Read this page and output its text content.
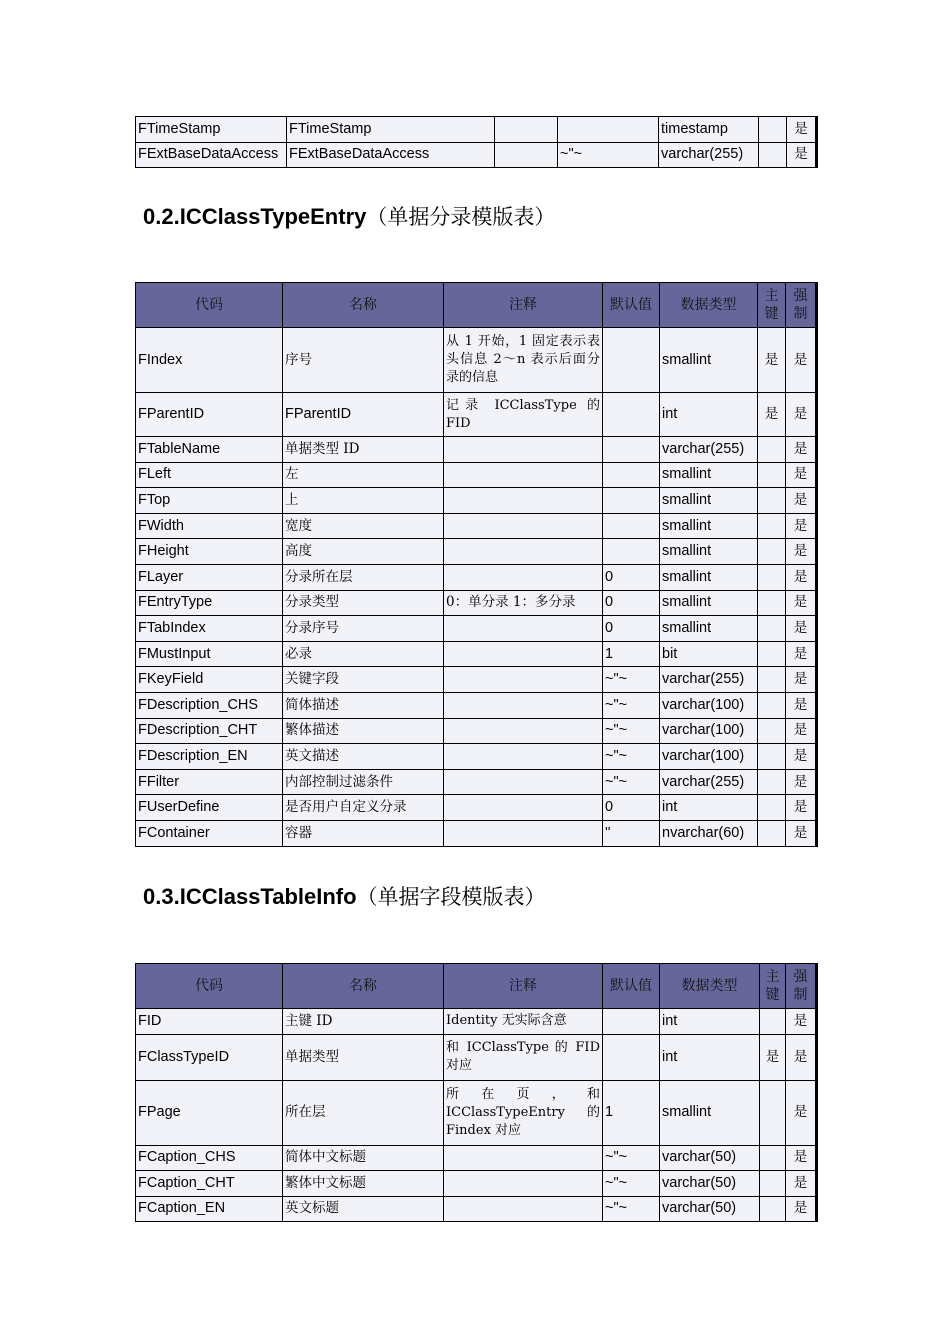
FTimeStamp	FTimeStamp			timestamp		是
FExtBaseDataAccess	FExtBaseDataAccess		~"~	varchar(255)		是
0.2.ICClassTypeEntry（单据分录模版表）
代码	名称	注释	默认值	数据类型	主键	强制
FIndex	序号	从 1 开始，1 固定表示表头信息 2～n 表示后面分录的信息		smallint	是	是
FParentID	FParentID	记录 ICClassType 的 FID		int	是	是
FTableName	单据类型 ID			varchar(255)		是
FLeft	左			smallint		是
FTop	上			smallint		是
FWidth	宽度			smallint		是
FHeight	高度			smallint		是
FLayer	分录所在层		0	smallint		是
FEntryType	分录类型	0：单分录 1：多分录	0	smallint		是
FTabIndex	分录序号		0	smallint		是
FMustInput	必录		1	bit		是
FKeyField	关键字段		~"~	varchar(255)		是
FDescription_CHS	简体描述		~"~	varchar(100)		是
FDescription_CHT	繁体描述		~"~	varchar(100)		是
FDescription_EN	英文描述		~"~	varchar(100)		是
FFilter	内部控制过滤条件		~"~	varchar(255)		是
FUserDefine	是否用户自定义分录		0	int		是
FContainer	容器		''	nvarchar(60)		是
0.3.ICClassTableInfo（单据字段模版表）
代码	名称	注释	默认值	数据类型	主键	强制
FID	主键 ID	Identity 无实际含意		int		是
FClassTypeID	单据类型	和 ICClassType 的 FID 对应		int	是	是
FPage	所在层	所在页，和 ICClassTypeEntry 的 Findex 对应	1	smallint		是
FCaption_CHS	简体中文标题		~"~	varchar(50)		是
FCaption_CHT	繁体中文标题		~"~	varchar(50)		是
FCaption_EN	英文标题		~"~	varchar(50)		是
